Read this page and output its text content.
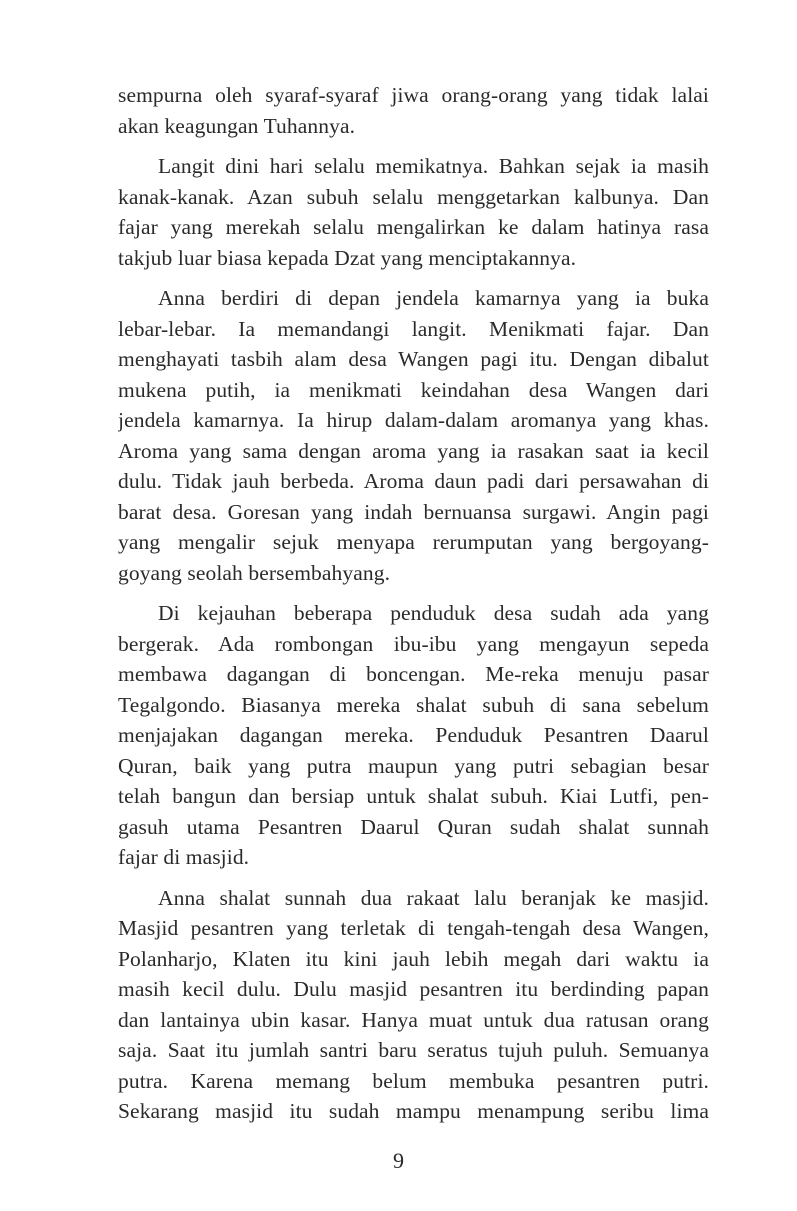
sempurna oleh syaraf-syaraf jiwa orang-orang yang tidak lalai
akan keagungan Tuhannya.

Langit dini hari selalu memikatnya. Bahkan sejak ia masih
kanak-kanak. Azan subuh selalu menggetarkan kalbunya. Dan
fajar yang merekah selalu mengalirkan ke dalam hatinya rasa
takjub luar biasa kepada Dzat yang menciptakannya.

Anna berdiri di depan jendela kamarnya yang ia buka
lebar-lebar. Ia memandangi langit. Menikmati fajar. Dan
menghayati tasbih alam desa Wangen pagi itu. Dengan dibalut
mukena putih, ia menikmati keindahan desa Wangen dari
jendela kamarnya. Ia hirup dalam-dalam aromanya yang khas.
Aroma yang sama dengan aroma yang ia rasakan saat ia kecil
dulu. Tidak jauh berbeda. Aroma daun padi dari persawahan di
barat desa. Goresan yang indah bernuansa surgawi. Angin pagi
yang mengalir sejuk menyapa rerumputan yang bergoyang-
goyang seolah bersembahyang.

Di kejauhan beberapa penduduk desa sudah ada yang
bergerak. Ada rombongan ibu-ibu yang mengayun sepeda
membawa dagangan di boncengan. Me-reka menuju pasar
Tegalgondo. Biasanya mereka shalat subuh di sana sebelum
menjajakan dagangan mereka. Penduduk Pesantren Daarul
Quran, baik yang putra maupun yang putri sebagian besar
telah bangun dan bersiap untuk shalat subuh. Kiai Lutfi, pen-
gasuh utama Pesantren Daarul Quran sudah shalat sunnah
fajar di masjid.

Anna shalat sunnah dua rakaat lalu beranjak ke masjid.
Masjid pesantren yang terletak di tengah-tengah desa Wangen,
Polanharjo, Klaten itu kini jauh lebih megah dari waktu ia
masih kecil dulu. Dulu masjid pesantren itu berdinding papan
dan lantainya ubin kasar. Hanya muat untuk dua ratusan orang
saja. Saat itu jumlah santri baru seratus tujuh puluh. Semuanya
putra. Karena memang belum membuka pesantren putri.
Sekarang masjid itu sudah mampu menampung seribu lima

9
